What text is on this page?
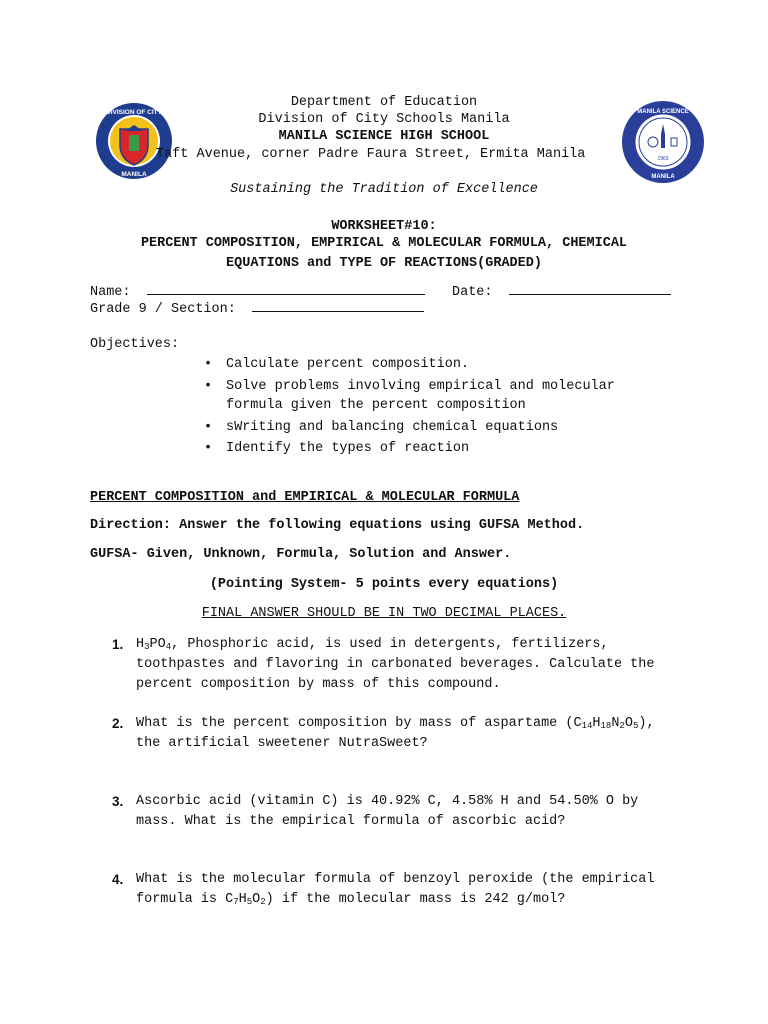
DIVISION OF CITY
MANILA
1963
MANILA SCIENCE
MANILA
Department of Education
Division of City Schools Manila
MANILA SCIENCE HIGH SCHOOL
Taft Avenue, corner Padre Faura Street, Ermita Manila
Sustaining the Tradition of Excellence
WORKSHEET#10:
PERCENT COMPOSITION, EMPIRICAL & MOLECULAR FORMULA, CHEMICAL
EQUATIONS and TYPE OF REACTIONS(GRADED)
Name:	Date:
Grade 9 / Section:
Objectives:
• Calculate percent composition.
• Solve problems involving empirical and molecular formula given the percent composition
• sWriting and balancing chemical equations
• Identify the types of reaction
PERCENT COMPOSITION and EMPIRICAL & MOLECULAR FORMULA
Direction: Answer the following equations using GUFSA Method.
GUFSA- Given, Unknown, Formula, Solution and Answer.
(Pointing System- 5 points every equations)
FINAL ANSWER SHOULD BE IN TWO DECIMAL PLACES.
1. $H_3PO_4$, Phosphoric acid, is used in detergents, fertilizers, toothpastes and flavoring in carbonated beverages. Calculate the percent composition by mass of this compound.
2. What is the percent composition by mass of aspartame $(C_{14}H_{18}N_2O_5)$, the artificial sweetener NutraSweet?
3. Ascorbic acid (vitamin C) is 40.92% C, 4.58% H and 54.50% O by mass. What is the empirical formula of ascorbic acid?
4. What is the molecular formula of benzoyl peroxide (the empirical formula is $C_7H_5O_2$) if the molecular mass is 242 g/mol?
